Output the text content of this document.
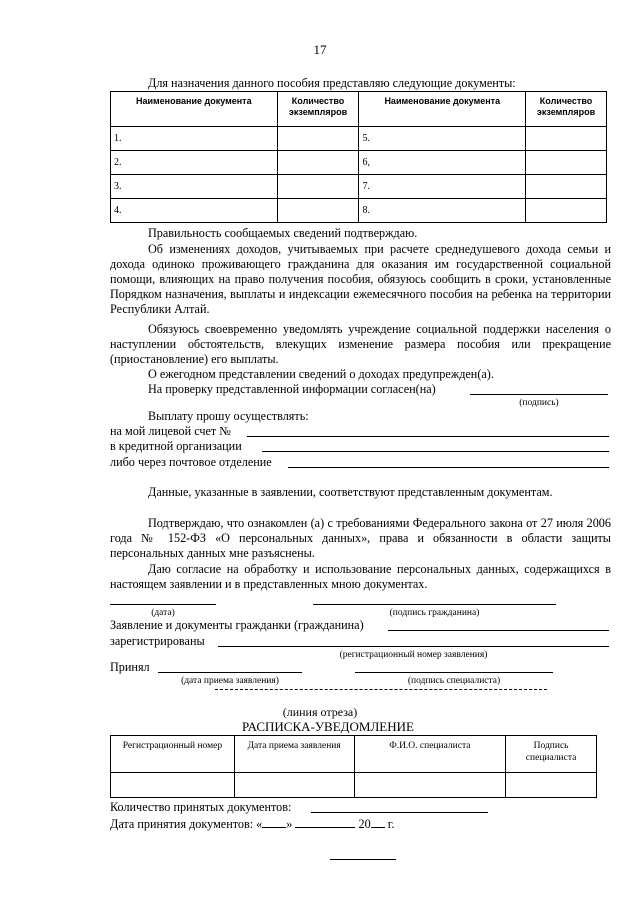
17
Для назначения данного пособия представляю следующие документы:
Наименование документа	Количество экземпляров	Наименование документа	Количество экземпляров
1.		5.	
2.		6,	
3.		7.	
4.		8.	
Правильность сообщаемых сведений подтверждаю.
Об изменениях доходов, учитываемых при расчете среднедушевого дохода семьи и дохода одиноко проживающего гражданина для оказания им государственной социальной помощи, влияющих на право получения пособия, обязуюсь сообщить в сроки, установленные Порядком назначения, выплаты и индексации ежемесячного пособия на ребенка на территории Республики Алтай.
Обязуюсь своевременно уведомлять учреждение социальной поддержки населения о наступлении обстоятельств, влекущих изменение размера пособия или прекращение (приостановление) его выплаты.
О ежегодном представлении сведений о доходах предупрежден(а).
На проверку представленной информации согласен(на)
(подпись)
Выплату прошу осуществлять:
на мой лицевой счет №
в кредитной организации
либо через почтовое отделение
Данные, указанные в заявлении, соответствуют представленным документам.
Подтверждаю, что ознакомлен (а) с требованиями Федерального закона от 27 июля 2006 года № 152-ФЗ «О персональных данных», права и обязанности в области защиты персональных данных мне разъяснены.
Даю согласие на обработку и использование персональных данных, содержащихся в настоящем заявлении и в представленных мною документах.
(дата)	(подпись гражданина)
Заявление и документы гражданки (гражданина)
зарегистрированы
(регистрационный номер заявления)
Принял
(дата приема заявления)	(подпись специалиста)
(линия отреза)
РАСПИСКА-УВЕДОМЛЕНИЕ
Регистрационный номер	Дата приема заявления	Ф.И.О. специалиста	Подпись специалиста

Количество принятых документов:
Дата принятия документов: « »	20 г.
